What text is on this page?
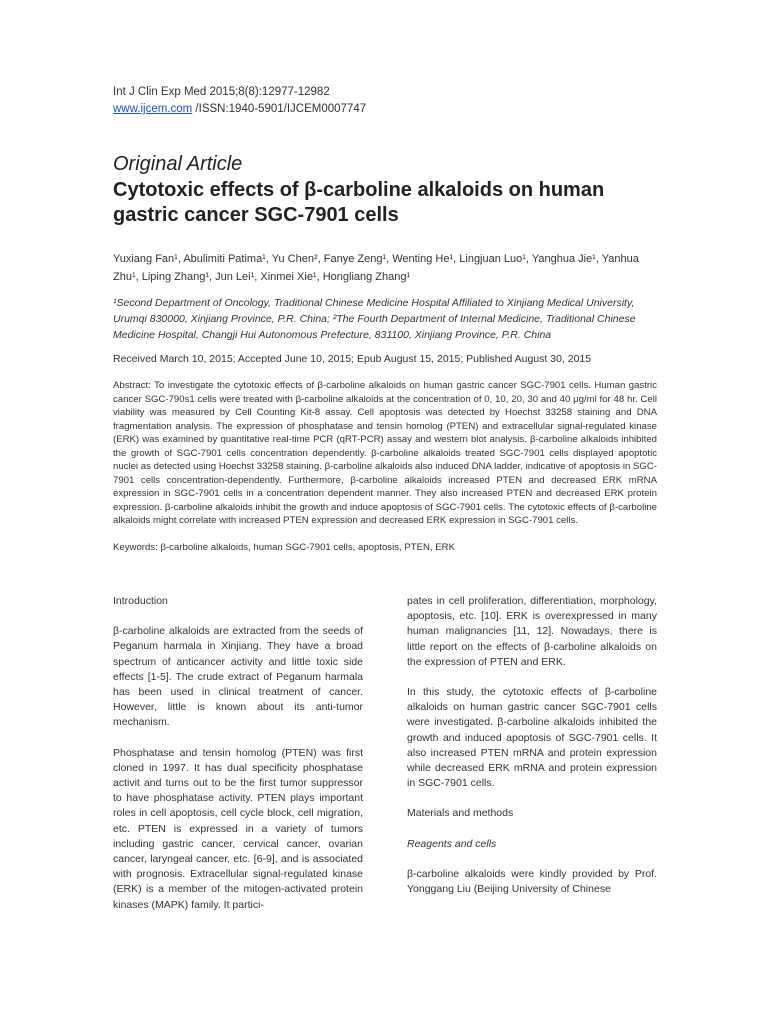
Int J Clin Exp Med 2015;8(8):12977-12982
www.ijcem.com /ISSN:1940-5901/IJCEM0007747
Original Article
Cytotoxic effects of β-carboline alkaloids on human
gastric cancer SGC-7901 cells
Yuxiang Fan¹, Abulimiti Patima¹, Yu Chen², Fanye Zeng¹, Wenting He¹, Lingjuan Luo¹, Yanghua Jie¹, Yanhua Zhu¹, Liping Zhang¹, Jun Lei¹, Xinmei Xie¹, Hongliang Zhang¹
¹Second Department of Oncology, Traditional Chinese Medicine Hospital Affiliated to Xinjiang Medical University, Urumqi 830000, Xinjiang Province, P.R. China; ²The Fourth Department of Internal Medicine, Traditional Chinese Medicine Hospital, Changji Hui Autonomous Prefecture, 831100, Xinjiang Province, P.R. China
Received March 10, 2015; Accepted June 10, 2015; Epub August 15, 2015; Published August 30, 2015
Abstract: To investigate the cytotoxic effects of β-carboline alkaloids on human gastric cancer SGC-7901 cells. Human gastric cancer SGC-790s1 cells were treated with β-carboline alkaloids at the concentration of 0, 10, 20, 30 and 40 μg/ml for 48 hr. Cell viability was measured by Cell Counting Kit-8 assay. Cell apoptosis was detected by Hoechst 33258 staining and DNA fragmentation analysis. The expression of phosphatase and tensin homolog (PTEN) and extracellular signal-regulated kinase (ERK) was examined by quantitative real-time PCR (qRT-PCR) assay and western blot analysis. β-carboline alkaloids inhibited the growth of SGC-7901 cells concentration dependently. β-carboline alkaloids treated SGC-7901 cells displayed apoptotic nuclei as detected using Hoechst 33258 staining. β-carboline alkaloids also induced DNA ladder, indicative of apoptosis in SGC-7901 cells concentration-dependently. Furthermore, β-carboline alkaloids increased PTEN and decreased ERK mRNA expression in SGC-7901 cells in a concentration dependent manner. They also increased PTEN and decreased ERK protein expression. β-carboline alkaloids inhibit the growth and induce apoptosis of SGC-7901 cells. The cytotoxic effects of β-carboline alkaloids might correlate with increased PTEN expression and decreased ERK expression in SGC-7901 cells.
Keywords: β-carboline alkaloids, human SGC-7901 cells, apoptosis, PTEN, ERK
Introduction

β-carboline alkaloids are extracted from the seeds of Peganum harmala in Xinjiang. They have a broad spectrum of anticancer activity and little toxic side effects [1-5]. The crude extract of Peganum harmala has been used in clinical treatment of cancer. However, little is known about its anti-tumor mechanism.

Phosphatase and tensin homolog (PTEN) was first cloned in 1997. It has dual specificity phosphatase activit and turns out to be the first tumor suppressor to have phosphatase activity. PTEN plays important roles in cell apoptosis, cell cycle block, cell migration, etc. PTEN is expressed in a variety of tumors including gastric cancer, cervical cancer, ovarian cancer, laryngeal cancer, etc. [6-9], and is associated with prognosis. Extracellular signal-regulated kinase (ERK) is a member of the mitogen-activated protein kinases (MAPK) family. It partici-

pates in cell proliferation, differentiation, morphology, apoptosis, etc. [10]. ERK is overexpressed in many human malignancies [11, 12]. Nowadays, there is little report on the effects of β-carboline alkaloids on the expression of PTEN and ERK.

In this study, the cytotoxic effects of β-carboline alkaloids on human gastric cancer SGC-7901 cells were investigated. β-carboline alkaloids inhibited the growth and induced apoptosis of SGC-7901 cells. It also increased PTEN mRNA and protein expression while decreased ERK mRNA and protein expression in SGC-7901 cells.

Materials and methods
Reagents and cells

β-carboline alkaloids were kindly provided by Prof. Yonggang Liu (Beijing University of Chinese
